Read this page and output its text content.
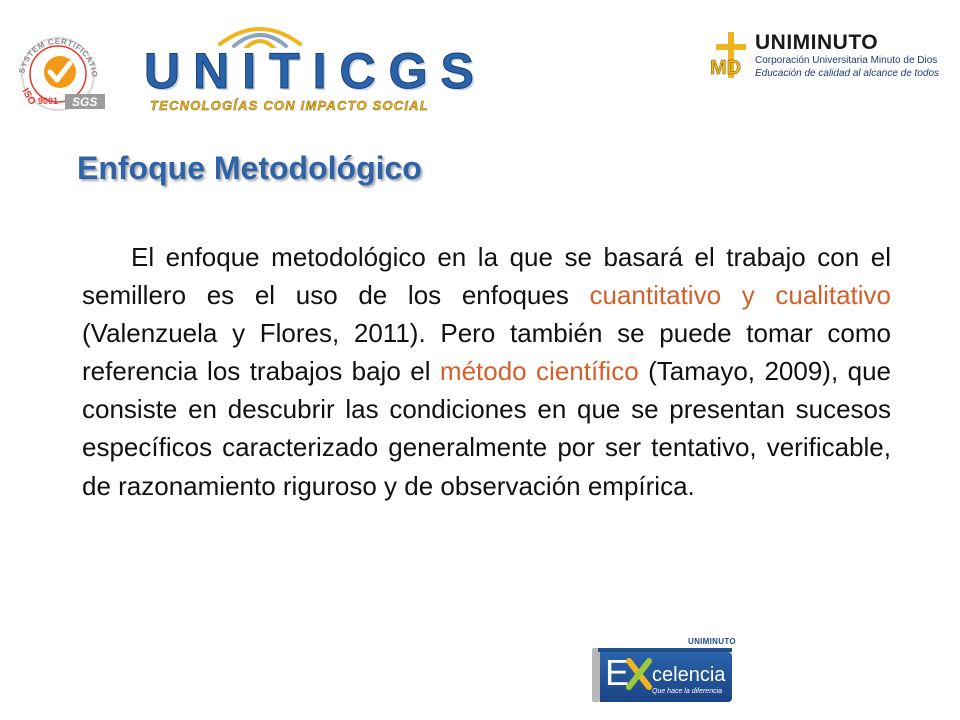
SYSTEM CERTIFICATIO
ISO 9001 SGS
UNITICGS
TECNOLOGÍAS CON IMPACTO SOCIAL
MD
UNIMINUTO
Corporación Universitaria Minuto de Dios
Educación de calidad al alcance de todos
Enfoque Metodológico

El enfoque metodológico en la que se basará el trabajo con el semillero es el uso de los enfoques cuantitativo y cualitativo (Valenzuela y Flores, 2011). Pero también se puede tomar como referencia los trabajos bajo el método científico (Tamayo, 2009), que consiste en descubrir las condiciones en que se presentan sucesos específicos caracterizado generalmente por ser tentativo, verificable, de razonamiento riguroso y de observación empírica.

UNIMINUTO
E celencia
Que hace la diferencia
